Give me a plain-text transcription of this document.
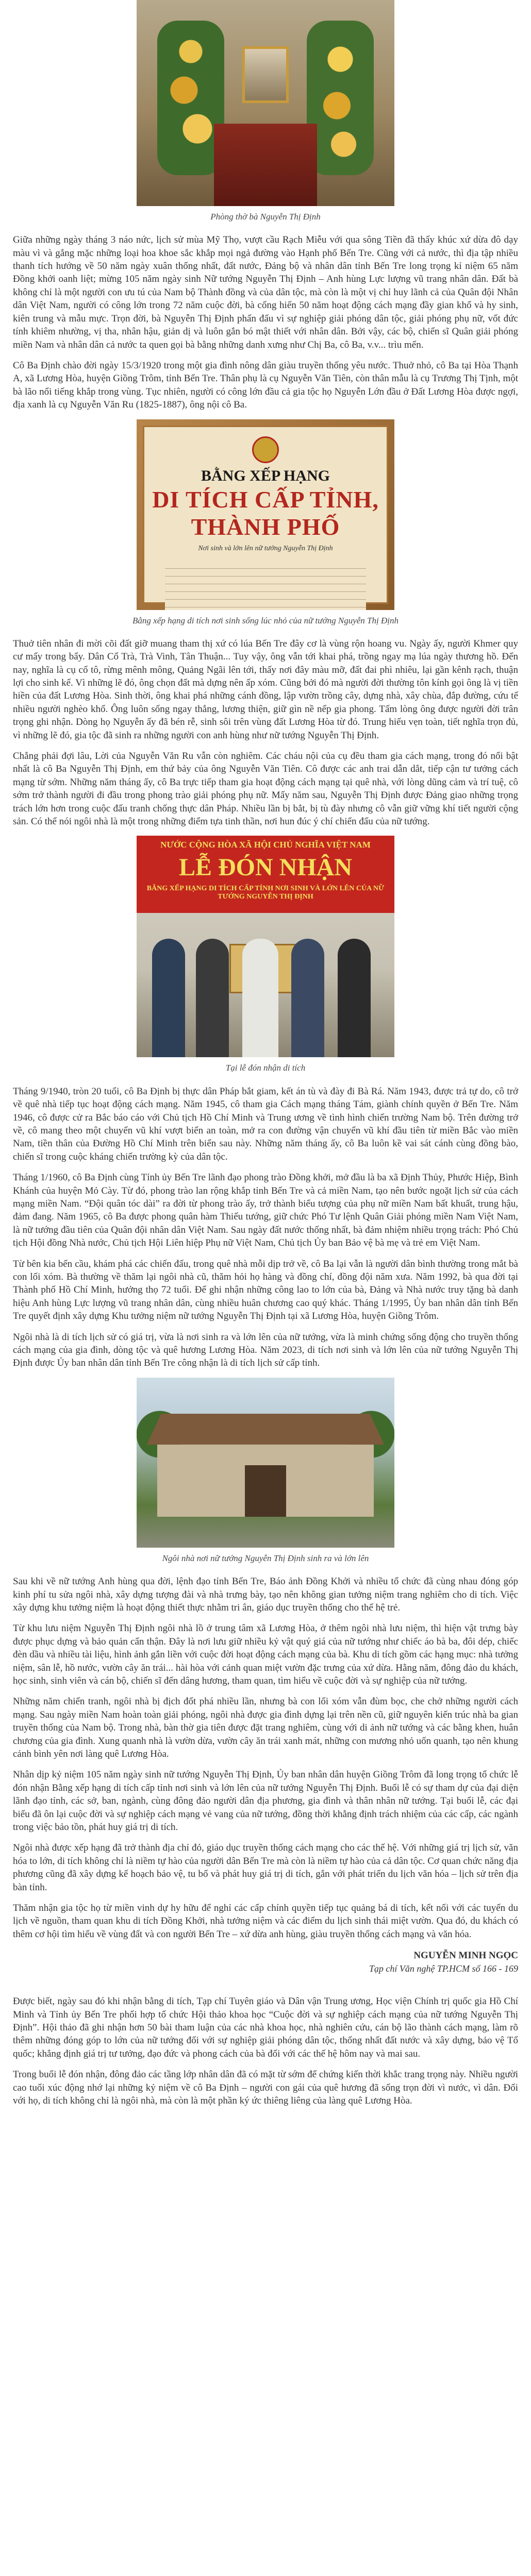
Phòng thờ bà Nguyễn Thị Định

Giữa những ngày tháng 3 náo nức, lịch sử mùa Mỹ Thọ, vượt cầu Rạch Miễu với qua sông Tiền đã thấy khúc xứ dừa đô dạy màu vì và gắng mặc những loại hoa khoe sắc khắp mọi ngả đường vào Hạnh phố Bến Tre. Cũng với cả nước, thì địa tập nhiều thanh tích hướng về 50 năm ngày xuân thống nhất, đất nước, Đảng bộ và nhân dân tỉnh Bến Tre long trọng kỉ niệm 65 năm Đồng khởi oanh liệt; mừng 105 năm ngày sinh Nữ tướng Nguyễn Thị Định – Anh hùng Lực lượng vũ trang nhân dân. Đất bà không chỉ là một người con ưu tú của Nam bộ Thành đồng và của dân tộc, mà còn là một vị chỉ huy lãnh cả của Quân đội Nhân dân Việt Nam, người có công lớn trong 72 năm cuộc đời, bà cống hiến 50 năm hoạt động cách mạng đầy gian khổ và hy sinh, kiên trung và mẫu mực. Trọn đời, bà Nguyễn Thị Định phấn đấu vì sự nghiệp giải phóng dân tộc, giải phóng phụ nữ, vốt đức tính khiêm nhường, vị tha, nhân hậu, giản dị và luôn gắn bó mật thiết với nhân dân. Bởi vậy, các bộ, chiến sĩ Quân giải phóng miền Nam và nhân dân cả nước ta quen gọi bà bằng những danh xưng như Chị Ba, cô Ba, v.v... trìu mến.

Cô Ba Định chào đời ngày 15/3/1920 trong một gia đình nông dân giàu truyền thống yêu nước. Thuở nhỏ, cô Ba tại Hòa Thạnh A, xã Lương Hòa, huyện Giồng Trôm, tỉnh Bến Tre. Thân phụ là cụ Nguyễn Văn Tiên, còn thân mẫu là cụ Trương Thị Tịnh, một bà lão nổi tiếng khắp trong vùng. Tục nhiên, người có công lớn đầu cả gia tộc họ Nguyễn Lớn đầu ở Đất Lương Hòa được ngợi, địa xanh là cụ Nguyễn Văn Ru (1825-1887), ông nội cô Ba.

BẰNG XẾP HẠNG
DI TÍCH CẤP TỈNH, THÀNH PHỐ
Nơi sinh và lớn lên nữ tướng Nguyễn Thị Định
Bằng xếp hạng di tích nơi sinh sống lúc nhỏ của nữ tướng Nguyễn Thị Định

Thuở tiên nhân đi mời cõi đất giỡ muang tham thị xứ có lúa Bến Tre đây cơ là vùng rộn hoang vu. Ngày ấy, người Khmer quy cư mấy trong bẩy. Dân Cổ Trà, Trà Vinh, Tân Thuận... Tuy vậy, ông vẫn tới khai phá, trồng ngay mạ lúa ngày thương hồ. Đến nay, nghĩa là cụ cố tô, rừng mênh mông, Quảng Ngãi lên tới, thấy nơi đây màu mỡ, đất đai phì nhiêu, lại gần kênh rạch, thuận lợi cho sinh kế. Vì những lẽ đó, ông chọn đất mà dựng nên ấp xóm. Cũng bởi đó mà người đời thường tôn kính gọi ông là vị tiền hiền của đất Lương Hòa. Sinh thời, ông khai phá những cánh đồng, lập vườn trồng cây, dựng nhà, xây chùa, đắp đường, cứu tế nhiều người nghèo khổ. Ông luôn sống ngay thẳng, lương thiện, giữ gìn nề nếp gia phong. Tấm lòng ông được người đời trân trọng ghi nhận. Dòng họ Nguyễn ấy đã bén rễ, sinh sôi trên vùng đất Lương Hòa từ đó. Trung hiếu vẹn toàn, tiết nghĩa trọn đủ, vì những lẽ đó, gia tộc đã sinh ra những người con anh hùng như nữ tướng Nguyễn Thị Định.

Chẳng phải đợi lâu, Lời của Nguyễn Văn Ru vẫn còn nghiêm. Các cháu nội của cụ đều tham gia cách mạng, trong đó nổi bật nhất là cô Ba Nguyễn Thị Định, em thứ bảy của ông Nguyễn Văn Tiên. Cô được các anh trai dẫn dắt, tiếp cận tư tưởng cách mạng từ sớm. Những năm tháng ấy, cô Ba trực tiếp tham gia hoạt động cách mạng tại quê nhà, với lòng dũng cảm và trí tuệ, cô sớm trở thành người đi đầu trong phong trào giải phóng phụ nữ. Mấy năm sau, Nguyễn Thị Định được Đảng giao những trọng trách lớn hơn trong cuộc đấu tranh chống thực dân Pháp. Nhiều lần bị bắt, bị tù đày nhưng cô vẫn giữ vững khí tiết người cộng sản. Có thể nói ngôi nhà là một trong những điểm tựa tinh thần, nơi hun đúc ý chí chiến đấu của nữ tướng.

NƯỚC CỘNG HÒA XÃ HỘI CHỦ NGHĨA VIỆT NAM
LỄ ĐÓN NHẬN
BẰNG XẾP HẠNG DI TÍCH CẤP TỈNH NƠI SINH VÀ LỚN LÊN CỦA NỮ TƯỚNG NGUYỄN THỊ ĐỊNH
Tại lễ đón nhận di tích

Tháng 9/1940, tròn 20 tuổi, cô Ba Định bị thực dân Pháp bắt giam, kết án tù và đày đi Bà Rá. Năm 1943, được trả tự do, cô trở về quê nhà tiếp tục hoạt động cách mạng. Năm 1945, cô tham gia Cách mạng tháng Tám, giành chính quyền ở Bến Tre. Năm 1946, cô được cử ra Bắc báo cáo với Chủ tịch Hồ Chí Minh và Trung ương về tình hình chiến trường Nam bộ. Trên đường trở về, cô mang theo một chuyến vũ khí vượt biển an toàn, mở ra con đường vận chuyển vũ khí đầu tiên từ miền Bắc vào miền Nam, tiền thân của Đường Hồ Chí Minh trên biển sau này. Những năm tháng ấy, cô Ba luôn kề vai sát cánh cùng đồng bào, chiến sĩ trong cuộc kháng chiến trường kỳ của dân tộc.

Tháng 1/1960, cô Ba Định cùng Tỉnh ủy Bến Tre lãnh đạo phong trào Đồng khởi, mở đầu là ba xã Định Thủy, Phước Hiệp, Bình Khánh của huyện Mỏ Cày. Từ đó, phong trào lan rộng khắp tỉnh Bến Tre và cả miền Nam, tạo nên bước ngoặt lịch sử của cách mạng miền Nam. “Đội quân tóc dài” ra đời từ phong trào ấy, trở thành biểu tượng của phụ nữ miền Nam bất khuất, trung hậu, đảm đang. Năm 1965, cô Ba được phong quân hàm Thiếu tướng, giữ chức Phó Tư lệnh Quân Giải phóng miền Nam Việt Nam, là nữ tướng đầu tiên của Quân đội nhân dân Việt Nam. Sau ngày đất nước thống nhất, bà đảm nhiệm nhiều trọng trách: Phó Chủ tịch Hội đồng Nhà nước, Chủ tịch Hội Liên hiệp Phụ nữ Việt Nam, Chủ tịch Ủy ban Bảo vệ bà mẹ và trẻ em Việt Nam.

Từ bên kia bến cầu, khám phá các chiến đấu, trong quê nhà mỗi dịp trở về, cô Ba lại vẫn là người dân bình thường trong mắt bà con lối xóm. Bà thường về thăm lại ngôi nhà cũ, thăm hỏi họ hàng và đồng chí, đồng đội năm xưa. Năm 1992, bà qua đời tại Thành phố Hồ Chí Minh, hưởng thọ 72 tuổi. Để ghi nhận những công lao to lớn của bà, Đảng và Nhà nước truy tặng bà danh hiệu Anh hùng Lực lượng vũ trang nhân dân, cùng nhiều huân chương cao quý khác. Tháng 1/1995, Ủy ban nhân dân tỉnh Bến Tre quyết định xây dựng Khu tưởng niệm nữ tướng Nguyễn Thị Định tại xã Lương Hòa, huyện Giồng Trôm.

Ngôi nhà là di tích lịch sử có giá trị, vừa là nơi sinh ra và lớn lên của nữ tướng, vừa là minh chứng sống động cho truyền thống cách mạng của gia đình, dòng tộc và quê hương Lương Hòa. Năm 2023, di tích nơi sinh và lớn lên của nữ tướng Nguyễn Thị Định được Ủy ban nhân dân tỉnh Bến Tre công nhận là di tích lịch sử cấp tỉnh.

Ngôi nhà nơi nữ tướng Nguyễn Thị Định sinh ra và lớn lên

Sau khi về nữ tướng Anh hùng qua đời, lệnh đạo tỉnh Bến Tre, Báo ảnh Đồng Khởi và nhiều tổ chức đã cùng nhau đóng góp kinh phí tu sửa ngôi nhà, xây dựng tượng đài và nhà trưng bày, tạo nên không gian tưởng niệm trang nghiêm cho di tích. Việc xây dựng khu tưởng niệm là hoạt động thiết thực nhằm tri ân, giáo dục truyền thống cho thế hệ trẻ.

Từ khu lưu niệm Nguyễn Thị Định ngôi nhà lồ ở trung tâm xã Lương Hòa, ở thêm ngôi nhà lưu niệm, thì hiện vật trưng bày được phục dựng và bảo quản cẩn thận. Đây là nơi lưu giữ nhiều kỷ vật quý giá của nữ tướng như chiếc áo bà ba, đôi dép, chiếc đèn dầu và nhiều tài liệu, hình ảnh gắn liền với cuộc đời hoạt động cách mạng của bà. Khu di tích gồm các hạng mục: nhà tưởng niệm, sân lễ, hồ nước, vườn cây ăn trái... hài hòa với cảnh quan miệt vườn đặc trưng của xứ dừa. Hằng năm, đông đảo du khách, học sinh, sinh viên và cán bộ, chiến sĩ đến dâng hương, tham quan, tìm hiểu về cuộc đời và sự nghiệp của nữ tướng.

Những năm chiến tranh, ngôi nhà bị địch đốt phá nhiều lần, nhưng bà con lối xóm vẫn đùm bọc, che chở những người cách mạng. Sau ngày miền Nam hoàn toàn giải phóng, ngôi nhà được gia đình dựng lại trên nền cũ, giữ nguyên kiến trúc nhà ba gian truyền thống của Nam bộ. Trong nhà, bàn thờ gia tiên được đặt trang nghiêm, cùng với di ảnh nữ tướng và các bằng khen, huân chương của gia đình. Xung quanh nhà là vườn dừa, vườn cây ăn trái xanh mát, những con mương nhỏ uốn quanh, tạo nên khung cảnh bình yên nơi làng quê Lương Hòa.

Nhân dịp kỷ niệm 105 năm ngày sinh nữ tướng Nguyễn Thị Định, Ủy ban nhân dân huyện Giồng Trôm đã long trọng tổ chức lễ đón nhận Bằng xếp hạng di tích cấp tỉnh nơi sinh và lớn lên của nữ tướng Nguyễn Thị Định. Buổi lễ có sự tham dự của đại diện lãnh đạo tỉnh, các sở, ban, ngành, cùng đông đảo người dân địa phương, gia đình và thân nhân nữ tướng. Tại buổi lễ, các đại biểu đã ôn lại cuộc đời và sự nghiệp cách mạng vẻ vang của nữ tướng, đồng thời khẳng định trách nhiệm của các cấp, các ngành trong việc bảo tồn, phát huy giá trị di tích.

Ngôi nhà được xếp hạng đã trở thành địa chỉ đỏ, giáo dục truyền thống cách mạng cho các thế hệ. Với những giá trị lịch sử, văn hóa to lớn, di tích không chỉ là niềm tự hào của người dân Bến Tre mà còn là niềm tự hào của cả dân tộc. Cơ quan chức năng địa phương cũng đã xây dựng kế hoạch bảo vệ, tu bổ và phát huy giá trị di tích, gắn với phát triển du lịch văn hóa – lịch sử trên địa bàn tỉnh.

Thăm nhận gia tộc họ từ miền vinh dự hy hữu để nghỉ các cấp chính quyền tiếp tục quảng bá di tích, kết nối với các tuyến du lịch về nguồn, tham quan khu di tích Đồng Khởi, nhà tưởng niệm và các điểm du lịch sinh thái miệt vườn. Qua đó, du khách có thêm cơ hội tìm hiểu về vùng đất và con người Bến Tre – xứ dừa anh hùng, giàu truyền thống cách mạng và văn hóa.

NGUYỄN MINH NGỌC
Tạp chí Văn nghệ TP.HCM số 166 - 169

Được biết, ngày sau đó khi nhận bằng di tích, Tạp chí Tuyên giáo và Dân vận Trung ương, Học viện Chính trị quốc gia Hồ Chí Minh và Tỉnh ủy Bến Tre phối hợp tổ chức Hội thảo khoa học “Cuộc đời và sự nghiệp cách mạng của nữ tướng Nguyễn Thị Định”. Hội thảo đã ghi nhận hơn 50 bài tham luận của các nhà khoa học, nhà nghiên cứu, cán bộ lão thành cách mạng, làm rõ thêm những đóng góp to lớn của nữ tướng đối với sự nghiệp giải phóng dân tộc, thống nhất đất nước và xây dựng, bảo vệ Tổ quốc; khẳng định giá trị tư tưởng, đạo đức và phong cách của bà đối với các thế hệ hôm nay và mai sau.

Trong buổi lễ đón nhận, đông đảo các tầng lớp nhân dân đã có mặt từ sớm để chứng kiến thời khắc trang trọng này. Nhiều người cao tuổi xúc động nhớ lại những kỷ niệm về cô Ba Định – người con gái của quê hương đã sống trọn đời vì nước, vì dân. Đối với họ, di tích không chỉ là ngôi nhà, mà còn là một phần ký ức thiêng liêng của làng quê Lương Hòa.
